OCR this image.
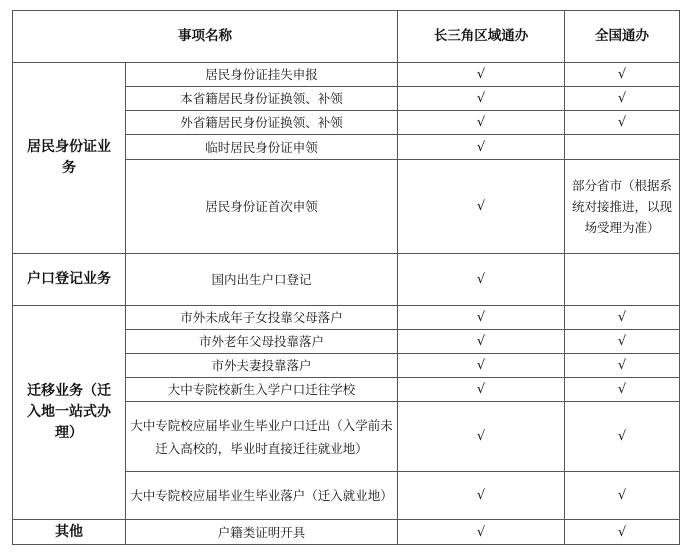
事项名称		长三角区域通办	全国通办
居民身份证业务	居民身份证挂失申报	√	√
	本省籍居民身份证换领、补领	√	√
	外省籍居民身份证换领、补领	√	√
	临时居民身份证申领	√	
	居民身份证首次申领	√	部分省市（根据系统对接推进，以现场受理为准）
户口登记业务	国内出生户口登记	√	
迁移业务（迁入地一站式办理）	市外未成年子女投靠父母落户	√	√
	市外老年父母投靠落户	√	√
	市外夫妻投靠落户	√	√
	大中专院校新生入学户口迁往学校	√	√
	大中专院校应届毕业生毕业户口迁出（入学前未迁入高校的，毕业时直接迁往就业地）	√	√
	大中专院校应届毕业生毕业落户（迁入就业地）	√	√
其他	户籍类证明开具	√	√
